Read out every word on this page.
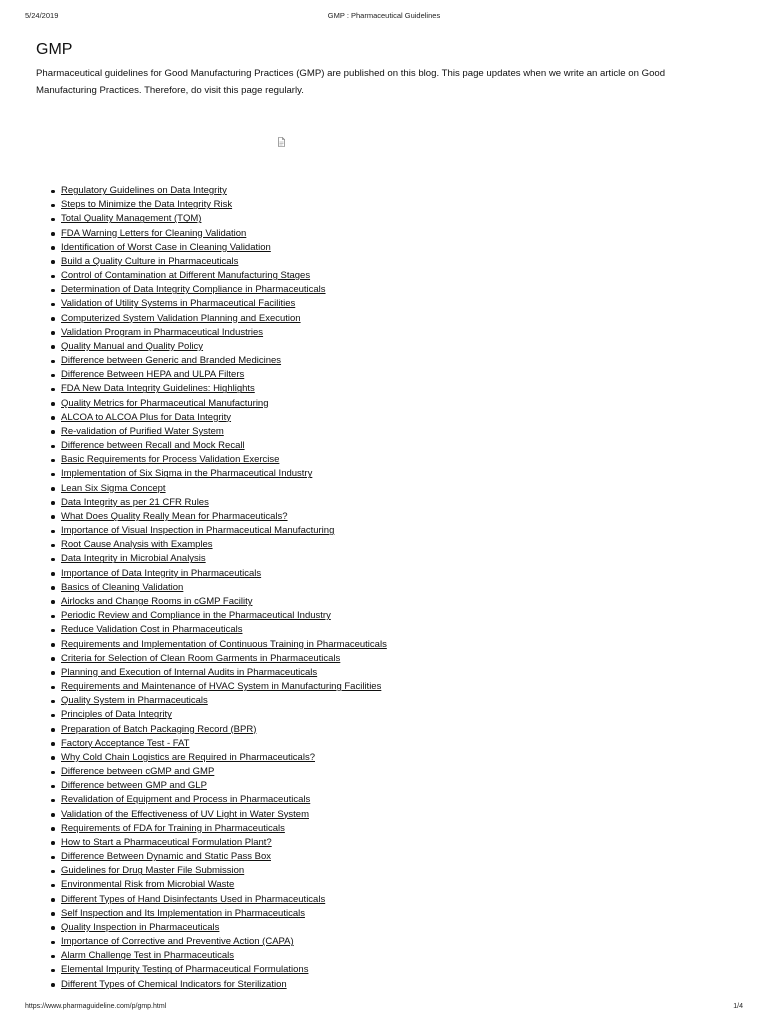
5/24/2019	GMP : Pharmaceutical Guidelines
GMP

Pharmaceutical guidelines for Good Manufacturing Practices (GMP) are published on this blog. This page updates when we write an article on Good Manufacturing Practices. Therefore, do visit this page regularly.

Regulatory Guidelines on Data Integrity
Steps to Minimize the Data Integrity Risk
Total Quality Management (TQM)
FDA Warning Letters for Cleaning Validation
Identification of Worst Case in Cleaning Validation
Build a Quality Culture in Pharmaceuticals
Control of Contamination at Different Manufacturing Stages
Determination of Data Integrity Compliance in Pharmaceuticals
Validation of Utility Systems in Pharmaceutical Facilities
Computerized System Validation Planning and Execution
Validation Program in Pharmaceutical Industries
Quality Manual and Quality Policy
Difference between Generic and Branded Medicines
Difference Between HEPA and ULPA Filters
FDA New Data Integrity Guidelines: Highlights
Quality Metrics for Pharmaceutical Manufacturing
ALCOA to ALCOA Plus for Data Integrity
Re-validation of Purified Water System
Difference between Recall and Mock Recall
Basic Requirements for Process Validation Exercise
Implementation of Six Sigma in the Pharmaceutical Industry
Lean Six Sigma Concept
Data Integrity as per 21 CFR Rules
What Does Quality Really Mean for Pharmaceuticals?
Importance of Visual Inspection in Pharmaceutical Manufacturing
Root Cause Analysis with Examples
Data Integrity in Microbial Analysis
Importance of Data Integrity in Pharmaceuticals
Basics of Cleaning Validation
Airlocks and Change Rooms in cGMP Facility
Periodic Review and Compliance in the Pharmaceutical Industry
Reduce Validation Cost in Pharmaceuticals
Requirements and Implementation of Continuous Training in Pharmaceuticals
Criteria for Selection of Clean Room Garments in Pharmaceuticals
Planning and Execution of Internal Audits in Pharmaceuticals
Requirements and Maintenance of HVAC System in Manufacturing Facilities
Quality System in Pharmaceuticals
Principles of Data Integrity
Preparation of Batch Packaging Record (BPR)
Factory Acceptance Test - FAT
Why Cold Chain Logistics are Required in Pharmaceuticals?
Difference between cGMP and GMP
Difference between GMP and GLP
Revalidation of Equipment and Process in Pharmaceuticals
Validation of the Effectiveness of UV Light in Water System
Requirements of FDA for Training in Pharmaceuticals
How to Start a Pharmaceutical Formulation Plant?
Difference Between Dynamic and Static Pass Box
Guidelines for Drug Master File Submission
Environmental Risk from Microbial Waste
Different Types of Hand Disinfectants Used in Pharmaceuticals
Self Inspection and Its Implementation in Pharmaceuticals
Quality Inspection in Pharmaceuticals
Importance of Corrective and Preventive Action (CAPA)
Alarm Challenge Test in Pharmaceuticals
Elemental Impurity Testing of Pharmaceutical Formulations
Different Types of Chemical Indicators for Sterilization
https://www.pharmaguideline.com/p/gmp.html	1/4
